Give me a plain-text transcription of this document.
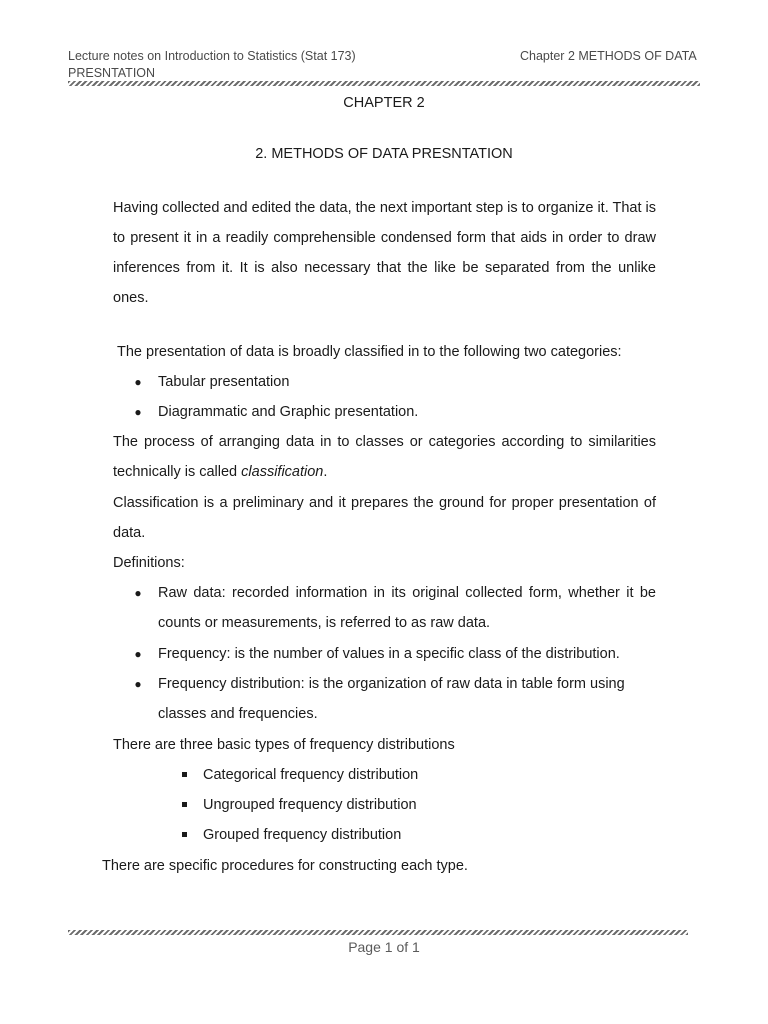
Lecture notes on Introduction to Statistics (Stat 173)
PRESNTATION
Chapter 2 METHODS OF DATA
CHAPTER 2
2. METHODS OF DATA PRESNTATION
Having collected and edited the data, the next important step is to organize it. That is to present it in a readily comprehensible condensed form that aids in order to draw inferences from it. It is also necessary that the like be separated from the unlike ones.
The presentation of data is broadly classified in to the following two categories:
● Tabular presentation
● Diagrammatic and Graphic presentation.
The process of arranging data in to classes or categories according to similarities technically is called classification.
Classification is a preliminary and it prepares the ground for proper presentation of data.
Definitions:
● Raw data: recorded information in its original collected form, whether it be counts or measurements, is referred to as raw data.
● Frequency: is the number of values in a specific class of the distribution.
● Frequency distribution: is the organization of raw data in table form using classes and frequencies.
There are three basic types of frequency distributions
Categorical frequency distribution
Ungrouped frequency distribution
Grouped frequency distribution
There are specific procedures for constructing each type.
Page 1 of 1
